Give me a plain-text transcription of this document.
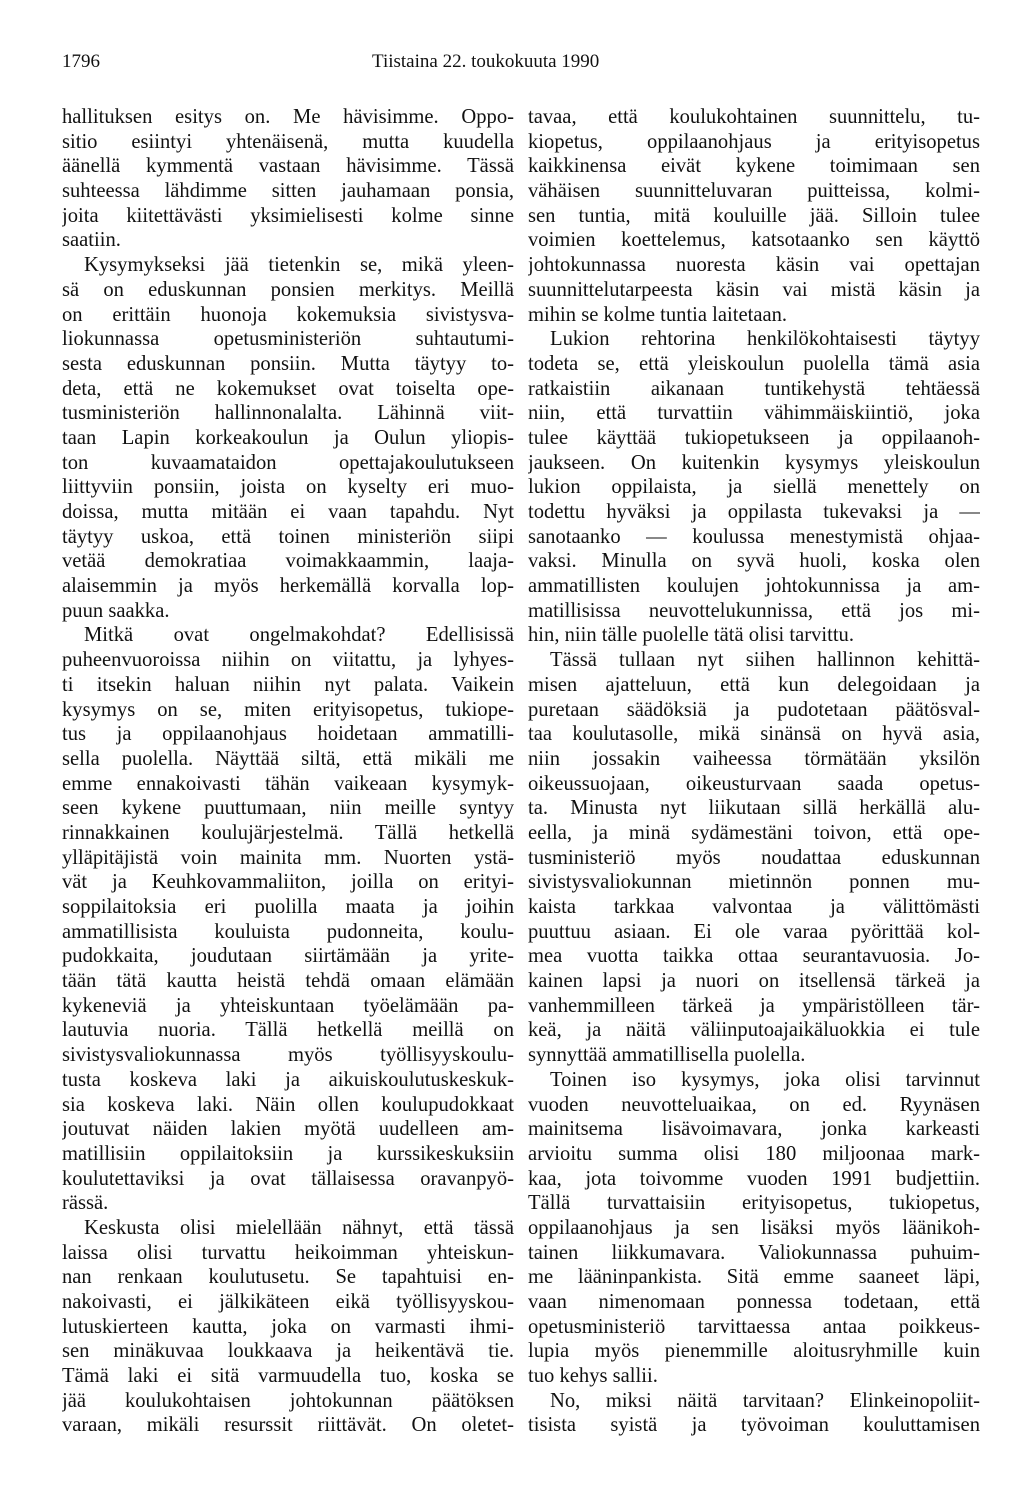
1796	Tiistaina 22. toukokuuta 1990
hallituksen esitys on. Me hävisimme. Oppo-
sitio esiintyi yhtenäisenä, mutta kuudella
äänellä kymmentä vastaan hävisimme. Tässä
suhteessa lähdimme sitten jauhamaan ponsia,
joita kiitettävästi yksimielisesti kolme sinne
saatiin.
Kysymykseksi jää tietenkin se, mikä yleen-
sä on eduskunnan ponsien merkitys. Meillä
on erittäin huonoja kokemuksia sivistysva-
liokunnassa opetusministeriön suhtautumi-
sesta eduskunnan ponsiin. Mutta täytyy to-
deta, että ne kokemukset ovat toiselta ope-
tusministeriön hallinnonalalta. Lähinnä viit-
taan Lapin korkeakoulun ja Oulun yliopis-
ton kuvaamataidon opettajakoulutukseen
liittyviin ponsiin, joista on kyselty eri muo-
doissa, mutta mitään ei vaan tapahdu. Nyt
täytyy uskoa, että toinen ministeriön siipi
vetää demokratiaa voimakkaammin, laaja-
alaisemmin ja myös herkemällä korvalla lop-
puun saakka.
Mitkä ovat ongelmakohdat? Edellisissä
puheenvuoroissa niihin on viitattu, ja lyhyes-
ti itsekin haluan niihin nyt palata. Vaikein
kysymys on se, miten erityisopetus, tukiope-
tus ja oppilaanohjaus hoidetaan ammatilli-
sella puolella. Näyttää siltä, että mikäli me
emme ennakoivasti tähän vaikeaan kysymyk-
seen kykene puuttumaan, niin meille syntyy
rinnakkainen koulujärjestelmä. Tällä hetkellä
ylläpitäjistä voin mainita mm. Nuorten ystä-
vät ja Keuhkovammaliiton, joilla on erityi-
soppilaitoksia eri puolilla maata ja joihin
ammatillisista kouluista pudonneita, koulu-
pudokkaita, joudutaan siirtämään ja yrite-
tään tätä kautta heistä tehdä omaan elämään
kykeneviä ja yhteiskuntaan työelämään pa-
lautuvia nuoria. Tällä hetkellä meillä on
sivistysvaliokunnassa myös työllisyyskoulu-
tusta koskeva laki ja aikuiskoulutuskeskuk-
sia koskeva laki. Näin ollen koulupudokkaat
joutuvat näiden lakien myötä uudelleen am-
matillisiin oppilaitoksiin ja kurssikeskuksiin
koulutettaviksi ja ovat tällaisessa oravanpyö-
rässä.
Keskusta olisi mielellään nähnyt, että tässä
laissa olisi turvattu heikoimman yhteiskun-
nan renkaan koulutusetu. Se tapahtuisi en-
nakoivasti, ei jälkikäteen eikä työllisyyskou-
lutuskierteen kautta, joka on varmasti ihmi-
sen minäkuvaa loukkaava ja heikentävä tie.
Tämä laki ei sitä varmuudella tuo, koska se
jää koulukohtaisen johtokunnan päätöksen
varaan, mikäli resurssit riittävät. On oletet-
tavaa, että koulukohtainen suunnittelu, tu-
kiopetus, oppilaanohjaus ja erityisopetus
kaikkinensa eivät kykene toimimaan sen
vähäisen suunnitteluvaran puitteissa, kolmi-
sen tuntia, mitä kouluille jää. Silloin tulee
voimien koettelemus, katsotaanko sen käyttö
johtokunnassa nuoresta käsin vai opettajan
suunnittelutarpeesta käsin vai mistä käsin ja
mihin se kolme tuntia laitetaan.
Lukion rehtorina henkilökohtaisesti täytyy
todeta se, että yleiskoulun puolella tämä asia
ratkaistiin aikanaan tuntikehystä tehtäessä
niin, että turvattiin vähimmäiskiintiö, joka
tulee käyttää tukiopetukseen ja oppilaanoh-
jaukseen. On kuitenkin kysymys yleiskoulun
lukion oppilaista, ja siellä menettely on
todettu hyväksi ja oppilasta tukevaksi ja —
sanotaanko — koulussa menestymistä ohjaa-
vaksi. Minulla on syvä huoli, koska olen
ammatillisten koulujen johtokunnissa ja am-
matillisissa neuvottelukunnissa, että jos mi-
hin, niin tälle puolelle tätä olisi tarvittu.
Tässä tullaan nyt siihen hallinnon kehittä-
misen ajatteluun, että kun delegoidaan ja
puretaan säädöksiä ja pudotetaan päätösval-
taa koulutasolle, mikä sinänsä on hyvä asia,
niin jossakin vaiheessa törmätään yksilön
oikeussuojaan, oikeusturvaan saada opetus-
ta. Minusta nyt liikutaan sillä herkällä alu-
eella, ja minä sydämestäni toivon, että ope-
tusministeriö myös noudattaa eduskunnan
sivistysvaliokunnan mietinnön ponnen mu-
kaista tarkkaa valvontaa ja välittömästi
puuttuu asiaan. Ei ole varaa pyörittää kol-
mea vuotta taikka ottaa seurantavuosia. Jo-
kainen lapsi ja nuori on itsellensä tärkeä ja
vanhemmilleen tärkeä ja ympäristölleen tär-
keä, ja näitä väliinputoajaikäluokkia ei tule
synnyttää ammatillisella puolella.
Toinen iso kysymys, joka olisi tarvinnut
vuoden neuvotteluaikaa, on ed. Ryynäsen
mainitsema lisävoimavara, jonka karkeasti
arvioitu summa olisi 180 miljoonaa mark-
kaa, jota toivomme vuoden 1991 budjettiin.
Tällä turvattaisiin erityisopetus, tukiopetus,
oppilaanohjaus ja sen lisäksi myös läänikoh-
tainen liikkumavara. Valiokunnassa puhuim-
me lääninpankista. Sitä emme saaneet läpi,
vaan nimenomaan ponnessa todetaan, että
opetusministeriö tarvittaessa antaa poikkeus-
lupia myös pienemmille aloitusryhmille kuin
tuo kehys sallii.
No, miksi näitä tarvitaan? Elinkeinopoliit-
tisista syistä ja työvoiman kouluttamisen
